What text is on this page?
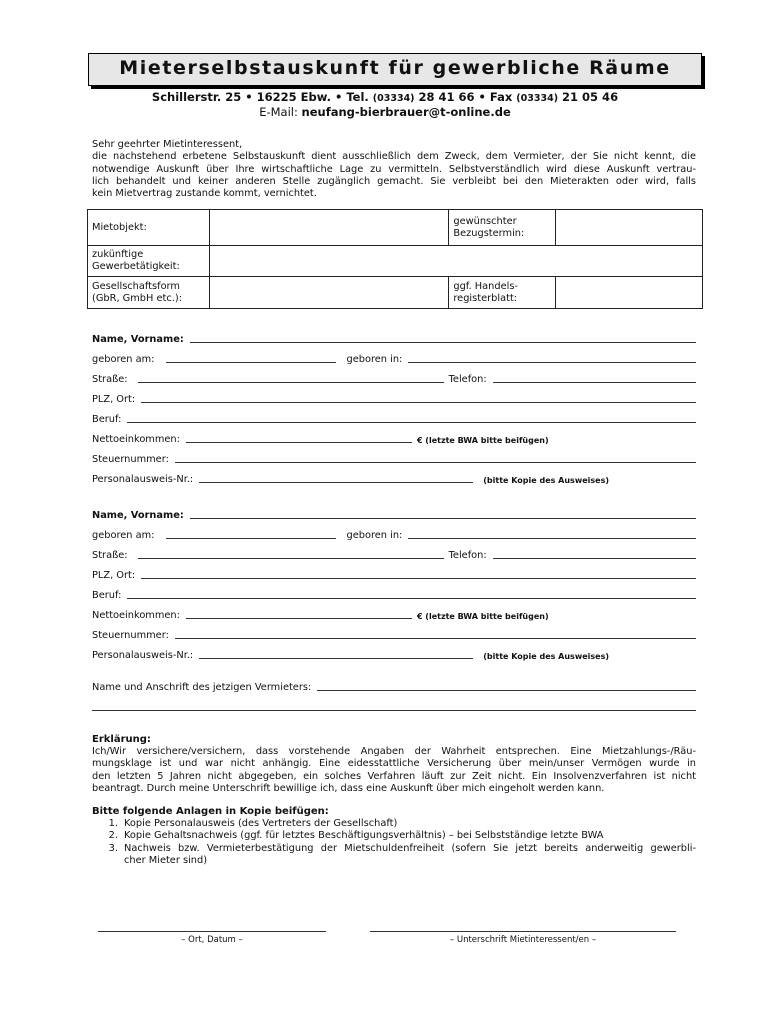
Mieterselbstauskunft für gewerbliche Räume
Schillerstr. 25 • 16225 Ebw. • Tel. (03334) 28 41 66 • Fax (03334) 21 05 46
E-Mail: neufang-bierbrauer@t-online.de
Sehr geehrter Mietinteressent,
die nachstehend erbetene Selbstauskunft dient ausschließlich dem Zweck, dem Vermieter, der Sie nicht kennt, die
notwendige Auskunft über Ihre wirtschaftliche Lage zu vermitteln. Selbstverständlich wird diese Auskunft vertrau-
lich behandelt und keiner anderen Stelle zugänglich gemacht. Sie verbleibt bei den Mieterakten oder wird, falls
kein Mietvertrag zustande kommt, vernichtet.
Mietobjekt:		gewünschter
Bezugstermin:	
zukünftige
Gewerbetätigkeit:			
Gesellschaftsform
(GbR, GmbH etc.):		ggf. Handels-
registerblatt:	
Name, Vorname:
geboren am:	geboren in:
Straße:	Telefon:
PLZ, Ort:
Beruf:
Nettoeinkommen:	€ (letzte BWA bitte beifügen)
Steuernummer:
Personalausweis-Nr.:	(bitte Kopie des Ausweises)
Name, Vorname:
geboren am:	geboren in:
Straße:	Telefon:
PLZ, Ort:
Beruf:
Nettoeinkommen:	€ (letzte BWA bitte beifügen)
Steuernummer:
Personalausweis-Nr.:	(bitte Kopie des Ausweises)
Name und Anschrift des jetzigen Vermieters:
Erklärung:
Ich/Wir versichere/versichern, dass vorstehende Angaben der Wahrheit entsprechen. Eine Mietzahlungs-/Räu-
mungsklage ist und war nicht anhängig. Eine eidesstattliche Versicherung über mein/unser Vermögen wurde in
den letzten 5 Jahren nicht abgegeben, ein solches Verfahren läuft zur Zeit nicht. Ein Insolvenzverfahren ist nicht
beantragt. Durch meine Unterschrift bewillige ich, dass eine Auskunft über mich eingeholt werden kann.
Bitte folgende Anlagen in Kopie beifügen:
1. Kopie Personalausweis (des Vertreters der Gesellschaft)
2. Kopie Gehaltsnachweis (ggf. für letztes Beschäftigungsverhältnis) – bei Selbstständige letzte BWA
3. Nachweis bzw. Vermieterbestätigung der Mietschuldenfreiheit (sofern Sie jetzt bereits anderweitig gewerbli-
cher Mieter sind)
– Ort, Datum –	– Unterschrift Mietinteressent/en –
